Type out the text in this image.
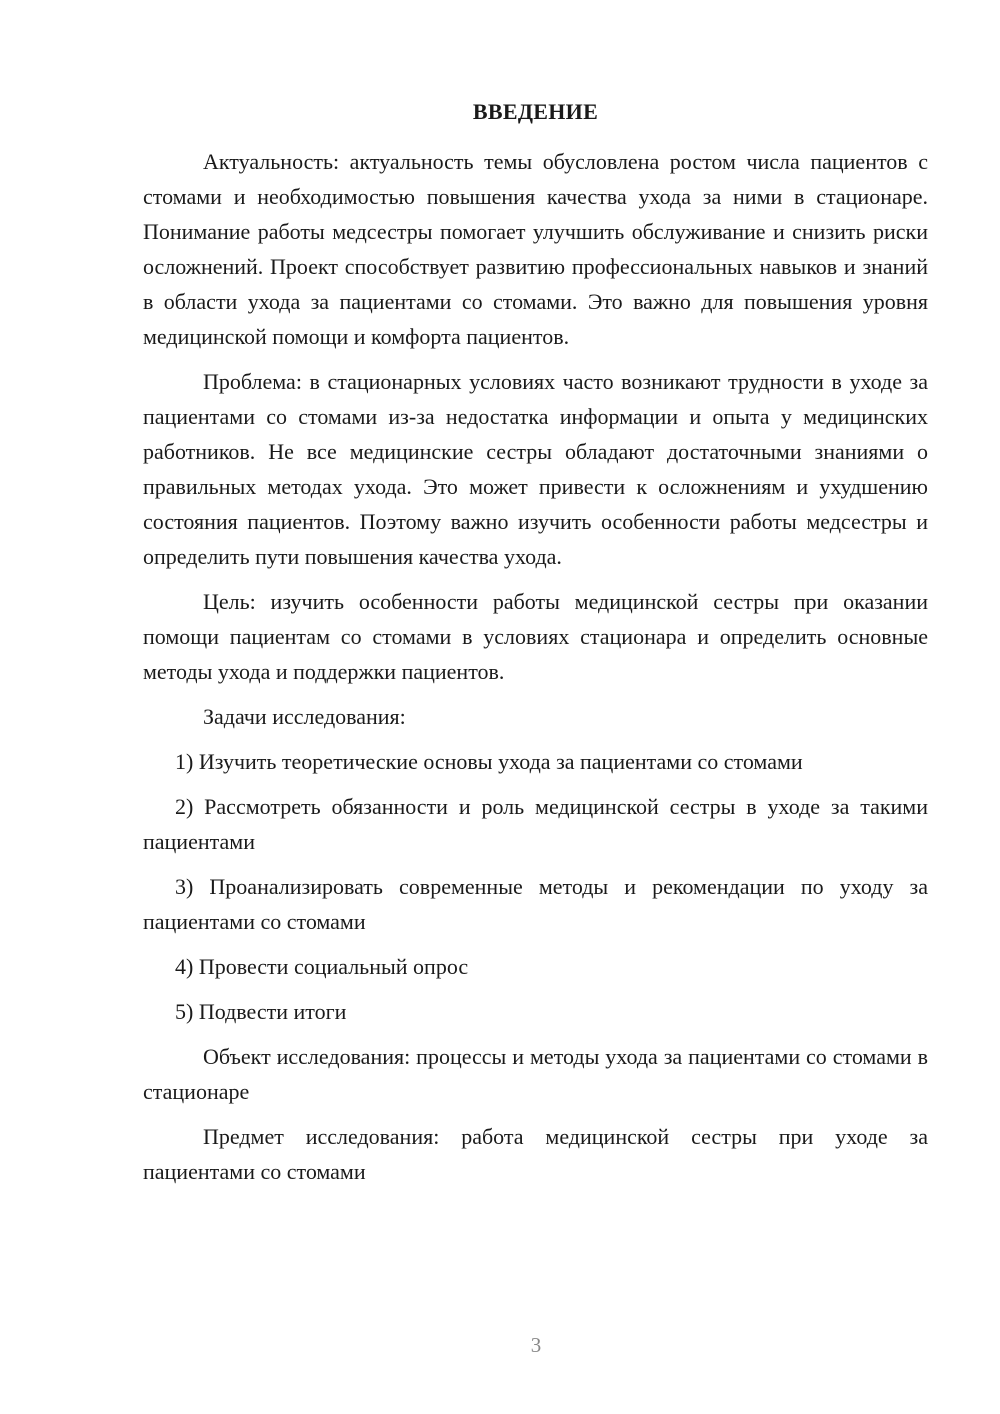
ВВЕДЕНИЕ

Актуальность: актуальность темы обусловлена ростом числа пациентов с стомами и необходимостью повышения качества ухода за ними в стационаре. Понимание работы медсестры помогает улучшить обслуживание и снизить риски осложнений. Проект способствует развитию профессиональных навыков и знаний в области ухода за пациентами со стомами. Это важно для повышения уровня медицинской помощи и комфорта пациентов.

Проблема: в стационарных условиях часто возникают трудности в уходе за пациентами со стомами из-за недостатка информации и опыта у медицинских работников. Не все медицинские сестры обладают достаточными знаниями о правильных методах ухода. Это может привести к осложнениям и ухудшению состояния пациентов. Поэтому важно изучить особенности работы медсестры и определить пути повышения качества ухода.

Цель: изучить особенности работы медицинской сестры при оказании помощи пациентам со стомами в условиях стационара и определить основные методы ухода и поддержки пациентов.

Задачи исследования:

1) Изучить теоретические основы ухода за пациентами со стомами

2) Рассмотреть обязанности и роль медицинской сестры в уходе за такими пациентами

3) Проанализировать современные методы и рекомендации по уходу за пациентами со стомами

4) Провести социальный опрос

5) Подвести итоги

Объект исследования: процессы и методы ухода за пациентами со стомами в стационаре

Предмет исследования: работа медицинской сестры при уходе за пациентами со стомами

3
